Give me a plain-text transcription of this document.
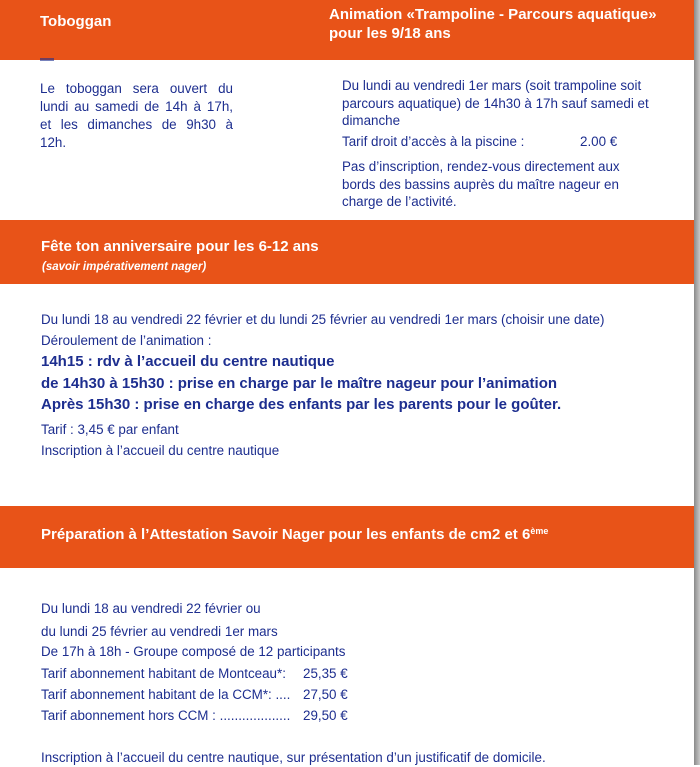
Toboggan	Animation «Trampoline - Parcours aquatique»
pour les 9/18 ans
Le toboggan sera ouvert du lundi au samedi de 14h à 17h, et les dimanches de 9h30 à 12h.
Du lundi au vendredi 1er mars (soit trampoline soit parcours aquatique) de 14h30 à 17h sauf samedi et dimanche
Tarif droit d’accès à la piscine :	2.00 €
Pas d’inscription, rendez-vous directement aux bords des bassins auprès du maître nageur en charge de l’activité.
Fête ton anniversaire pour les 6-12 ans
(savoir impérativement nager)
Du lundi 18 au vendredi 22 février et du lundi 25 février au vendredi 1er mars (choisir une date)
Déroulement de l’animation :
14h15 : rdv à l’accueil du centre nautique
de 14h30 à 15h30 : prise en charge par le maître nageur pour l’animation
Après 15h30 : prise en charge des enfants par les parents pour le goûter.
Tarif : 3,45 € par enfant
Inscription à l’accueil du centre nautique
Préparation à l’Attestation Savoir Nager pour les enfants de cm2 et 6ème
Du lundi 18 au vendredi 22 février ou
du lundi 25 février au vendredi 1er mars
De 17h à 18h - Groupe composé de 12 participants
Tarif abonnement habitant de Montceau*: 25,35 €
Tarif abonnement habitant de la CCM*: .... 27,50 €
Tarif abonnement hors CCM : ................... 29,50 €
Inscription à l’accueil du centre nautique, sur présentation d’un justificatif de domicile.
